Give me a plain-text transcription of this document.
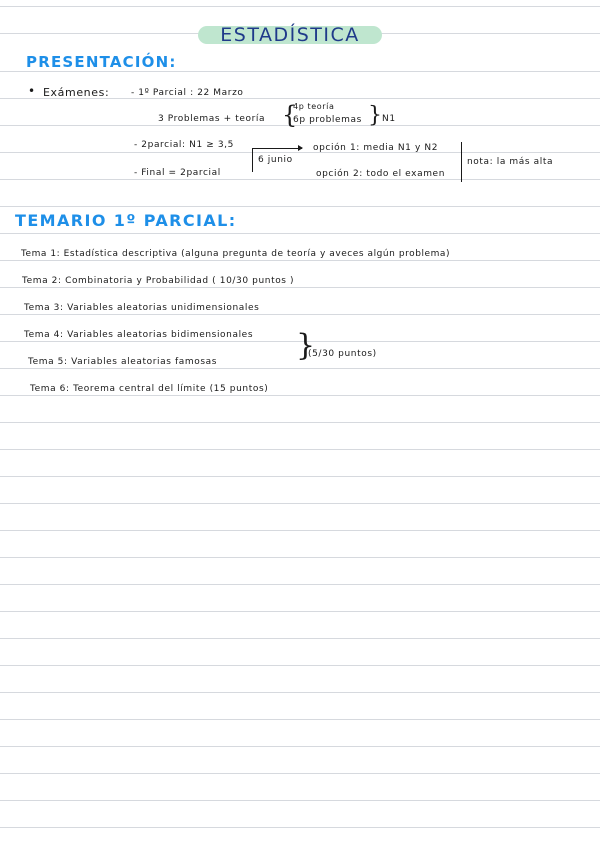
ESTADÍSTICA
PRESENTACIÓN:
• Exámenes: - 1º Parcial : 22 Marzo
3 Problemas + teoría {
4p teoría
6p problemas } N1
- 2parcial: N1 ≥ 3,5
- Final = 2parcial
6 junio
opción 1: media N1 y N2
opción 2: todo el examen
nota: la más alta
TEMARIO 1º PARCIAL:
Tema 1: Estadística descriptiva (alguna pregunta de teoría y aveces algún problema)
Tema 2: Combinatoria y Probabilidad ( 10/30 puntos )
Tema 3: Variables aleatorias unidimensionales
Tema 4: Variables aleatorias bidimensionales
Tema 5: Variables aleatorias famosas	}
(5/30 puntos)
Tema 6: Teorema central del límite (15 puntos)
